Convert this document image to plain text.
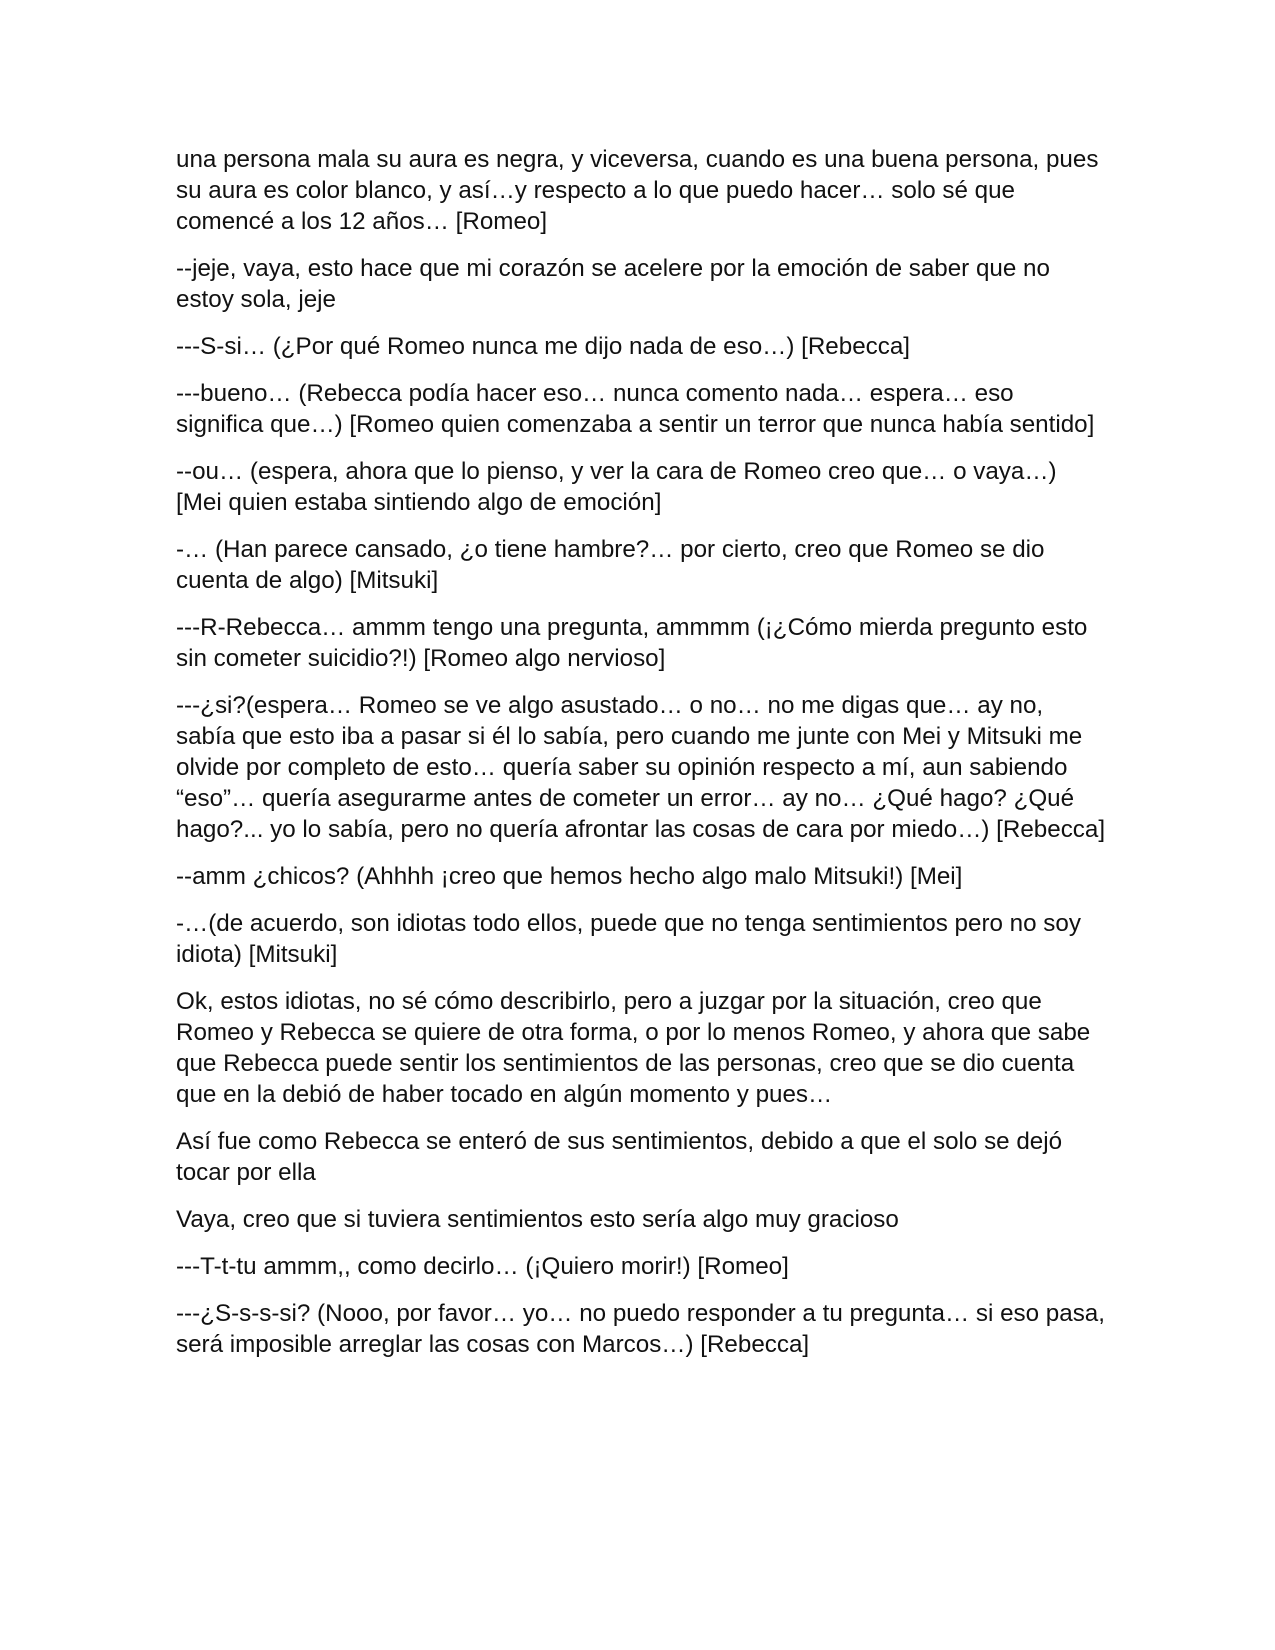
una persona mala su aura es negra, y viceversa, cuando es una buena persona, pues su aura es color blanco, y así…y respecto a lo que puedo hacer… solo sé que comencé a los 12 años… [Romeo]

--jeje, vaya, esto hace que mi corazón se acelere por la emoción de saber que no estoy sola, jeje

---S-si… (¿Por qué Romeo nunca me dijo nada de eso…) [Rebecca]

---bueno… (Rebecca podía hacer eso… nunca comento nada… espera… eso significa que…) [Romeo quien comenzaba a sentir un terror que nunca había sentido]

--ou… (espera, ahora que lo pienso, y ver la cara de Romeo creo que… o vaya…) [Mei quien estaba sintiendo algo de emoción]

-… (Han parece cansado, ¿o tiene hambre?… por cierto, creo que Romeo se dio cuenta de algo) [Mitsuki]

---R-Rebecca… ammm tengo una pregunta, ammmm (¡¿Cómo mierda pregunto esto sin cometer suicidio?!) [Romeo algo nervioso]

---¿si?(espera… Romeo se ve algo asustado… o no… no me digas que… ay no, sabía que esto iba a pasar si él lo sabía, pero cuando me junte con Mei y Mitsuki me olvide por completo de esto… quería saber su opinión respecto a mí, aun sabiendo “eso”… quería asegurarme antes de cometer un error… ay no… ¿Qué hago? ¿Qué hago?... yo lo sabía, pero no quería afrontar las cosas de cara por miedo…) [Rebecca]

--amm ¿chicos? (Ahhhh ¡creo que hemos hecho algo malo Mitsuki!) [Mei]

-…(de acuerdo, son idiotas todo ellos, puede que no tenga sentimientos pero no soy idiota) [Mitsuki]

Ok, estos idiotas, no sé cómo describirlo, pero a juzgar por la situación, creo que Romeo y Rebecca se quiere de otra forma, o por lo menos Romeo, y ahora que sabe que Rebecca puede sentir los sentimientos de las personas, creo que se dio cuenta que en la debió de haber tocado en algún momento y pues…

Así fue como Rebecca se enteró de sus sentimientos, debido a que el solo se dejó tocar por ella

Vaya, creo que si tuviera sentimientos esto sería algo muy gracioso

---T-t-tu ammm,, como decirlo… (¡Quiero morir!) [Romeo]

---¿S-s-s-si? (Nooo, por favor… yo… no puedo responder a tu pregunta… si eso pasa, será imposible arreglar las cosas con Marcos…) [Rebecca]
